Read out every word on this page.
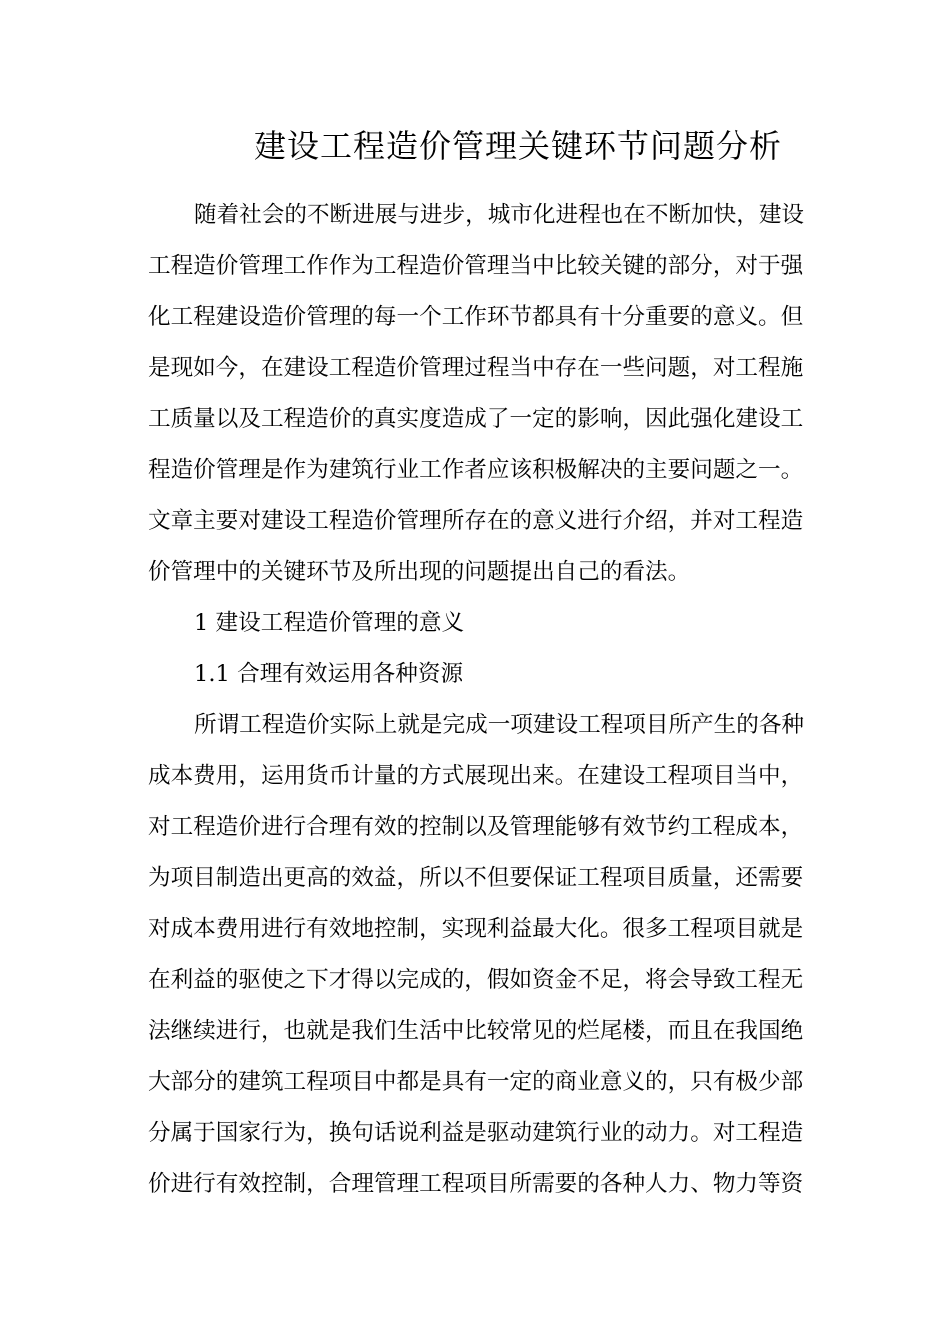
建设工程造价管理关键环节问题分析
随着社会的不断进展与进步，城市化进程也在不断加快，建设
工程造价管理工作作为工程造价管理当中比较关键的部分，对于强
化工程建设造价管理的每一个工作环节都具有十分重要的意义。但
是现如今，在建设工程造价管理过程当中存在一些问题，对工程施
工质量以及工程造价的真实度造成了一定的影响，因此强化建设工
程造价管理是作为建筑行业工作者应该积极解决的主要问题之一。
文章主要对建设工程造价管理所存在的意义进行介绍，并对工程造
价管理中的关键环节及所出现的问题提出自己的看法。
1 建设工程造价管理的意义
1.1 合理有效运用各种资源
所谓工程造价实际上就是完成一项建设工程项目所产生的各种
成本费用，运用货币计量的方式展现出来。在建设工程项目当中，
对工程造价进行合理有效的控制以及管理能够有效节约工程成本，
为项目制造出更高的效益，所以不但要保证工程项目质量，还需要
对成本费用进行有效地控制，实现利益最大化。很多工程项目就是
在利益的驱使之下才得以完成的，假如资金不足，将会导致工程无
法继续进行，也就是我们生活中比较常见的烂尾楼，而且在我国绝
大部分的建筑工程项目中都是具有一定的商业意义的，只有极少部
分属于国家行为，换句话说利益是驱动建筑行业的动力。对工程造
价进行有效控制，合理管理工程项目所需要的各种人力、物力等资
